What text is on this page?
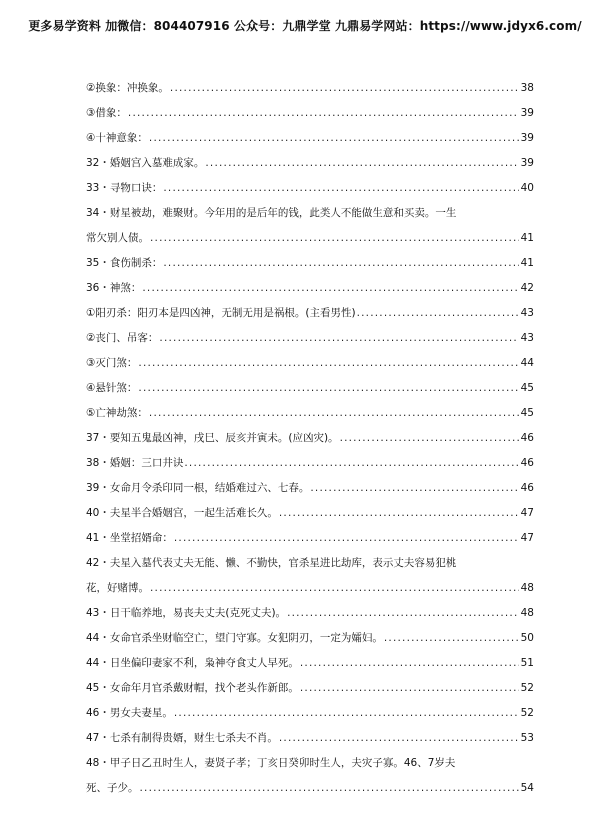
更多易学资料 加微信：804407916 公众号：九鼎学堂 九鼎易学网站：https://www.jdyx6.com/
②换象：冲换象。 .....	38
③借象： .....	39
④十神意象： .....	39
32・婚姻宫入墓难成家。 .....	39
33・寻物口诀： .....	40
34・财星被劫，难聚财。今年用的是后年的钱，此类人不能做生意和买卖。一生
常欠别人债。 .....	41
35・食伤制杀： .....	41
36・神煞： .....	42
①阳刃杀：阳刃本是四凶神，无制无用是祸根。(主看男性) .....	43
②丧门、吊客： .....	43
③灭门煞： .....	44
④悬针煞： .....	45
⑤亡神劫煞： .....	45
37・要知五鬼最凶神，戌巳、辰亥并寅未。(应凶灾)。 .....	46
38・婚姻：三口井诀 .....	46
39・女命月令杀印同一根，结婚难过六、七春。 .....	46
40・夫星半合婚姻宫，一起生活难长久。 .....	47
41・坐堂招婿命： .....	47
42・夫星入墓代表丈夫无能、懒、不勤快，官杀星进比劫库，表示丈夫容易犯桃
花，好赌博。 .....	48
43・日干临养地，易丧夫丈夫(克死丈夫)。 .....	48
44・女命官杀坐财临空亡，望门守寡。女犯阴刃，一定为孀妇。 .....	50
44・日坐偏印妻家不利，枭神夺食丈人早死。 .....	51
45・女命年月官杀戴财帽，找个老头作新郎。 .....	52
46・男女夫妻星。 .....	52
47・七杀有制得贵婿，财生七杀夫不肖。 .....	53
48・甲子日乙丑时生人，妻贤子孝；丁亥日癸卯时生人，夫灾子寡。46、7岁夫
死、子少。 .....	54
